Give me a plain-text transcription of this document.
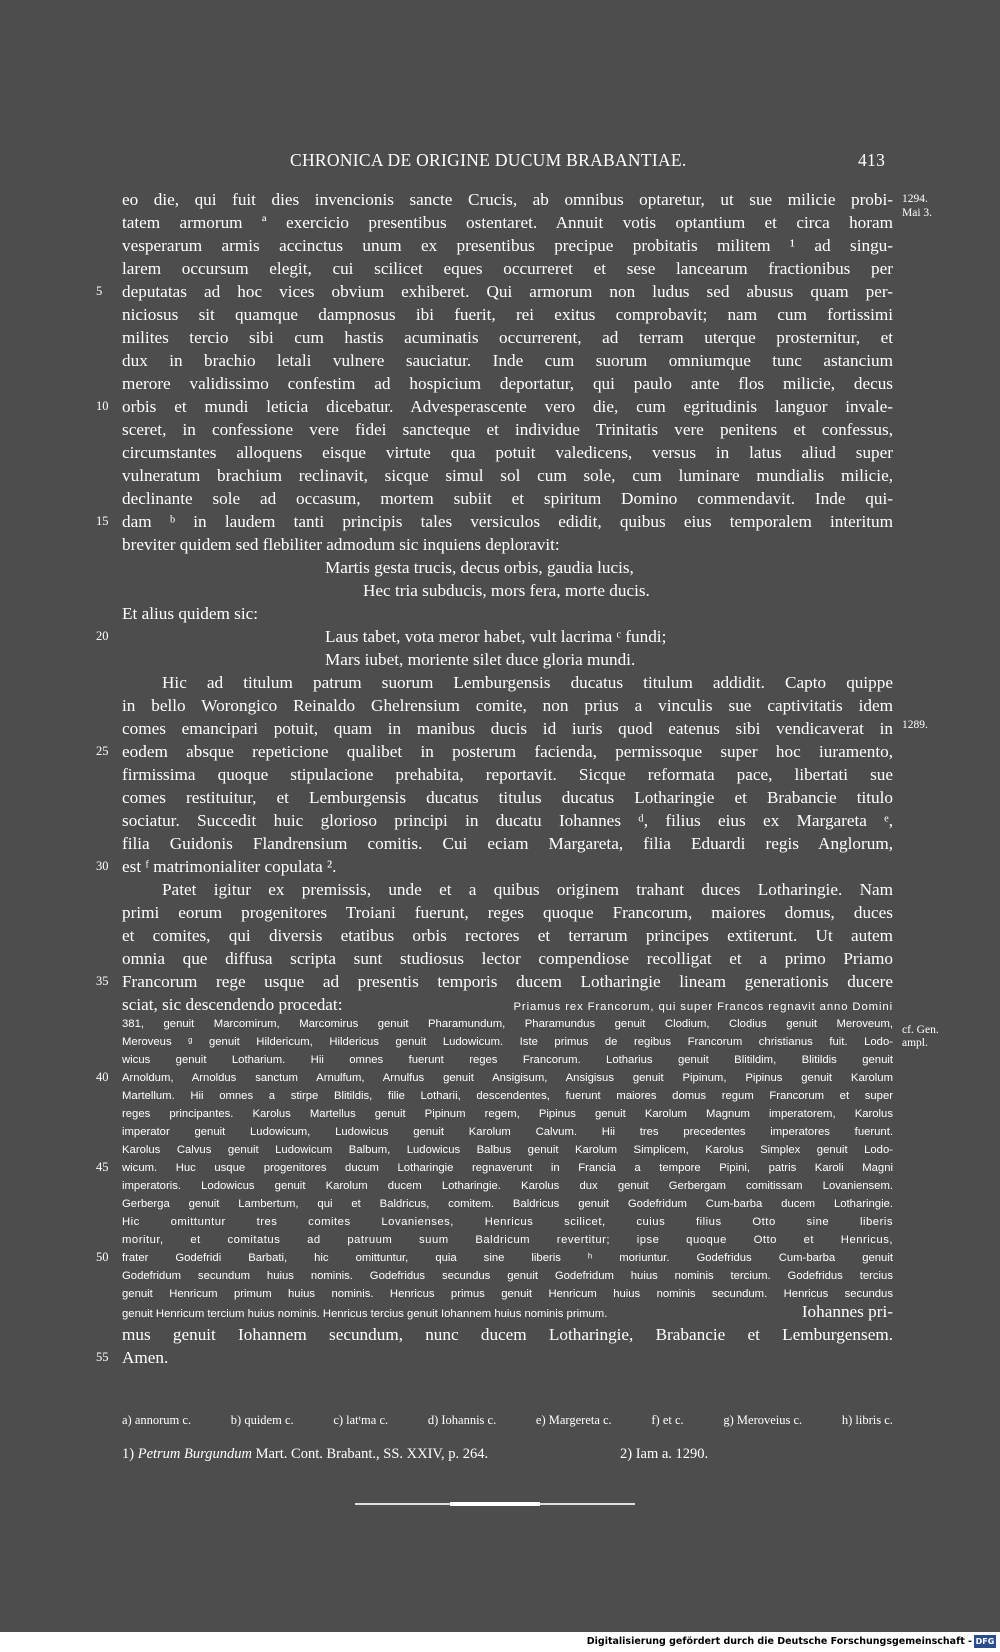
CHRONICA DE ORIGINE DUCUM BRABANTIAE.	413
eo die, qui fuit dies invencionis sancte Crucis, ab omnibus optaretur, ut sue milicie probi-
tatem armorum ª exercicio presentibus ostentaret. Annuit votis optantium et circa horam
vesperarum armis accinctus unum ex presentibus precipue probitatis militem ¹ ad singu-
larem occursum elegit, cui scilicet eques occurreret et sese lancearum fractionibus per
deputatas ad hoc vices obvium exhiberet. Qui armorum non ludus sed abusus quam per-
niciosus sit quamque dampnosus ibi fuerit, rei exitus comprobavit; nam cum fortissimi
milites tercio sibi cum hastis acuminatis occurrerent, ad terram uterque prosternitur, et
dux in brachio letali vulnere sauciatur. Inde cum suorum omniumque tunc astancium
merore validissimo confestim ad hospicium deportatur, qui paulo ante flos milicie, decus
orbis et mundi leticia dicebatur. Advesperascente vero die, cum egritudinis languor invale-
sceret, in confessione vere fidei sancteque et individue Trinitatis vere penitens et confessus,
circumstantes alloquens eisque virtute qua potuit valedicens, versus in latus aliud super
vulneratum brachium reclinavit, sicque simul sol cum sole, cum luminare mundialis milicie,
declinante sole ad occasum, mortem subiit et spiritum Domino commendavit. Inde qui-
dam ᵇ in laudem tanti principis tales versiculos edidit, quibus eius temporalem interitum
breviter quidem sed flebiliter admodum sic inquiens deploravit:
Martis gesta trucis, decus orbis, gaudia lucis,
Hec tria subducis, mors fera, morte ducis.
Et alius quidem sic:
Laus tabet, vota meror habet, vult lacrima ᶜ fundi;
Mars iubet, moriente silet duce gloria mundi.
Hic ad titulum patrum suorum Lemburgensis ducatus titulum addidit. Capto quippe
in bello Worongico Reinaldo Ghelrensium comite, non prius a vinculis sue captivitatis idem
comes emancipari potuit, quam in manibus ducis id iuris quod eatenus sibi vendicaverat in
eodem absque repeticione qualibet in posterum facienda, permissoque super hoc iuramento,
firmissima quoque stipulacione prehabita, reportavit. Sicque reformata pace, libertati sue
comes restituitur, et Lemburgensis ducatus titulus ducatus Lotharingie et Brabancie titulo
sociatur. Succedit huic glorioso principi in ducatu Iohannes ᵈ, filius eius ex Margareta ᵉ,
filia Guidonis Flandrensium comitis. Cui eciam Margareta, filia Eduardi regis Anglorum,
est ᶠ matrimonialiter copulata ².
Patet igitur ex premissis, unde et a quibus originem trahant duces Lotharingie. Nam
primi eorum progenitores Troiani fuerunt, reges quoque Francorum, maiores domus, duces
et comites, qui diversis etatibus orbis rectores et terrarum principes extiterunt. Ut autem
omnia que diffusa scripta sunt studiosus lector compendiose recolligat et a primo Priamo
Francorum rege usque ad presentis temporis ducem Lotharingie lineam generationis ducere
sciat, sic descendendo procedat:	Priamus rex Francorum, qui super Francos regnavit anno Domini
381, genuit Marcomirum, Marcomirus genuit Pharamundum, Pharamundus genuit Clodium, Clodius genuit Meroveum,
Meroveus ᵍ genuit Hildericum, Hildericus genuit Ludowicum. Iste primus de regibus Francorum christianus fuit. Lodo-
wicus genuit Lotharium. Hii omnes fuerunt reges Francorum. Lotharius genuit Blitildim, Blitildis genuit
Arnoldum, Arnoldus sanctum Arnulfum, Arnulfus genuit Ansigisum, Ansigisus genuit Pipinum, Pipinus genuit Karolum
Martellum. Hii omnes a stirpe Blitildis, filie Lotharii, descendentes, fuerunt maiores domus regum Francorum et super
reges principantes. Karolus Martellus genuit Pipinum regem, Pipinus genuit Karolum Magnum imperatorem, Karolus
imperator genuit Ludowicum, Ludowicus genuit Karolum Calvum. Hii tres precedentes imperatores fuerunt.
Karolus Calvus genuit Ludowicum Balbum, Ludowicus Balbus genuit Karolum Simplicem, Karolus Simplex genuit Lodo-
wicum. Huc usque progenitores ducum Lotharingie regnaverunt in Francia a tempore Pipini, patris Karoli Magni
imperatoris. Lodowicus genuit Karolum ducem Lotharingie. Karolus dux genuit Gerbergam comitissam Lovaniensem.
Gerberga genuit Lambertum, qui et Baldricus, comitem. Baldricus genuit Godefridum Cum-barba ducem Lotharingie.
Hic omittuntur tres comites Lovanienses, Henricus scilicet, cuius filius Otto sine liberis
moritur, et comitatus ad patruum suum Baldricum revertitur; ipse quoque Otto et Henricus,
frater Godefridi Barbati, hic omittuntur, quia sine liberis ʰ moriuntur. Godefridus Cum-barba genuit
Godefridum secundum huius nominis. Godefridus secundus genuit Godefridum huius nominis tercium. Godefridus tercius
genuit Henricum primum huius nominis. Henricus primus genuit Henricum huius nominis secundum. Henricus secundus
genuit Henricum tercium huius nominis. Henricus tercius genuit Iohannem huius nominis primum.	Iohannes pri-
mus genuit Iohannem secundum, nunc ducem Lotharingie, Brabancie et Lemburgensem.
Amen.
5
10
15
20
25
30
35
40
45
50
55
1294.
Mai 3.
1289.
cf. Gen.
ampl.
a) annorum c.	b) quidem c.	c) latᵗma c.	d) Iohannis c.	e) Margereta c.	f) et c.	g) Meroveius c.	h) libris c.
1) Petrum Burgundum Mart. Cont. Brabant., SS. XXIV, p. 264.	2) Iam a. 1290.
Digitalisierung gefördert durch die Deutsche Forschungsgemeinschaft - DFG
